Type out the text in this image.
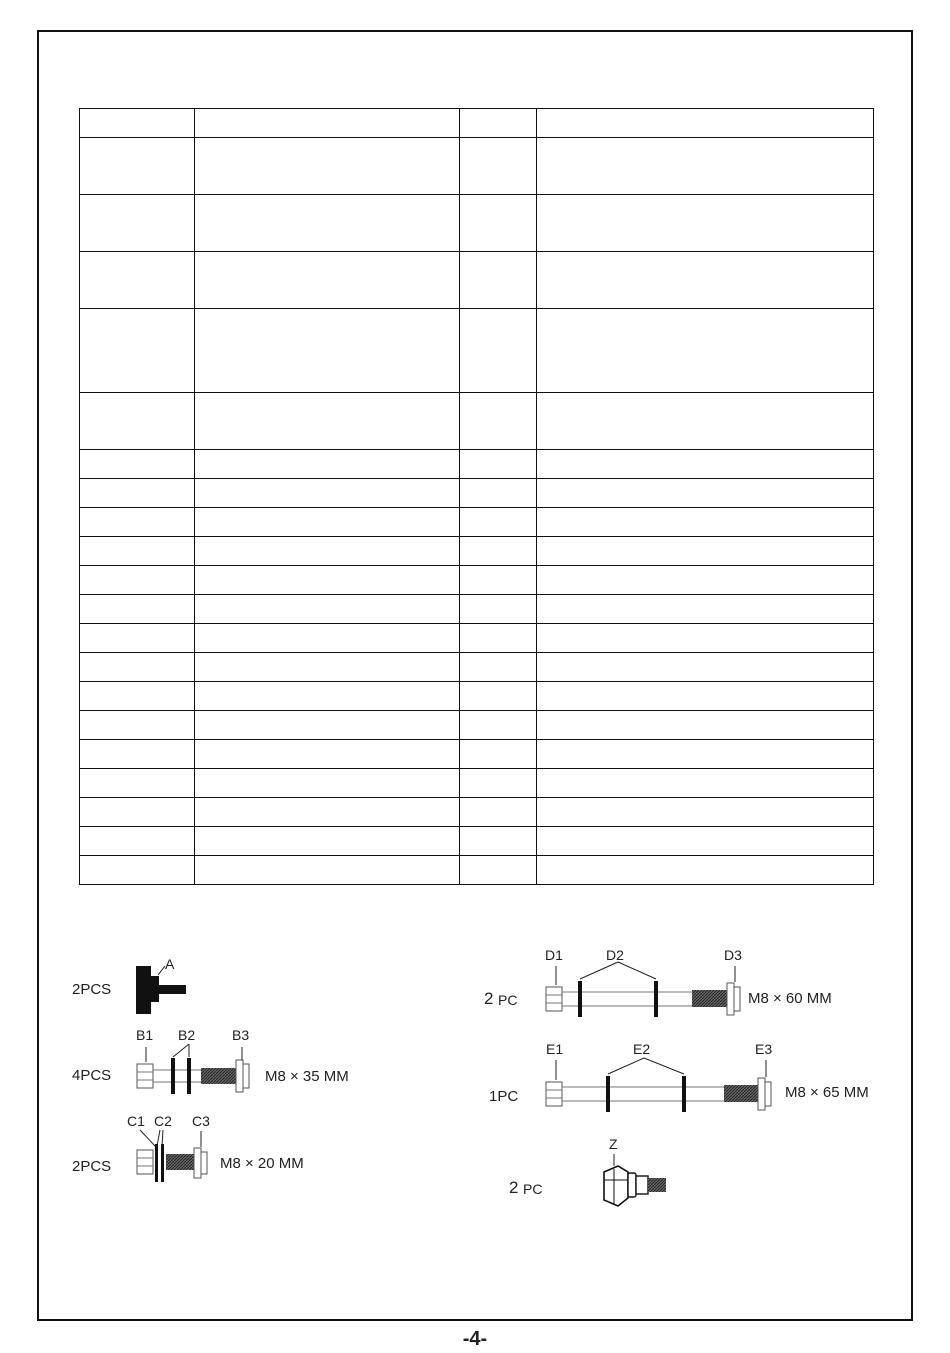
A
2PCS
B1 B2	B3
4PCS	M8 × 35 MM
C1 C2 C3
2PCS	M8 × 20 MM
D1	D2	D3
2 PC	M8 × 60 MM
E1	E2	E3
1PC	M8 × 65 MM
Z
2 PC
-4-
